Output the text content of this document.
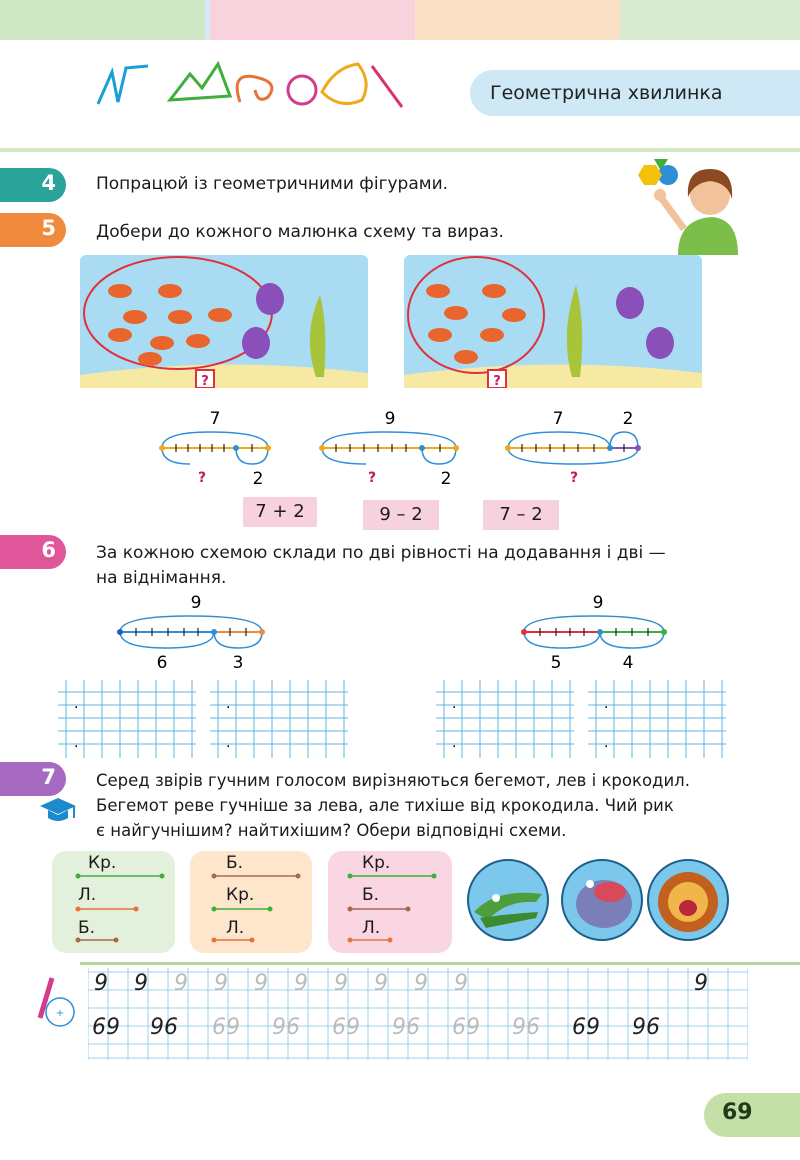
Геометрична хвилинка
4 Попрацюй із геометричними фігурами.
5 Добери до кожного малюнка схему та вираз.
?	?
7
?	2
9
?	2
7	2
?
7 + 2	9 – 2	7 – 2
6 За кожною схемою склади по дві рівності на додавання і дві —
на віднімання.
9
6	3
9
5	4
.
.
.
.
.
.
.
.
7 Серед звірів гучним голосом вирізняються бегемот, лев і крокодил.
Бегемот реве гучніше за лева, але тихіше від крокодила. Чий рик
є найгучнішим? найтихішим? Обери відповідні схеми.
Кр.
Л.
Б.
Б.
Кр.
Л.
Кр.
Б.
Л.
+
9 9 9 9 9 9 9 9 9 9	9
69 96 69 96 69 96 69 96 69 96
69
